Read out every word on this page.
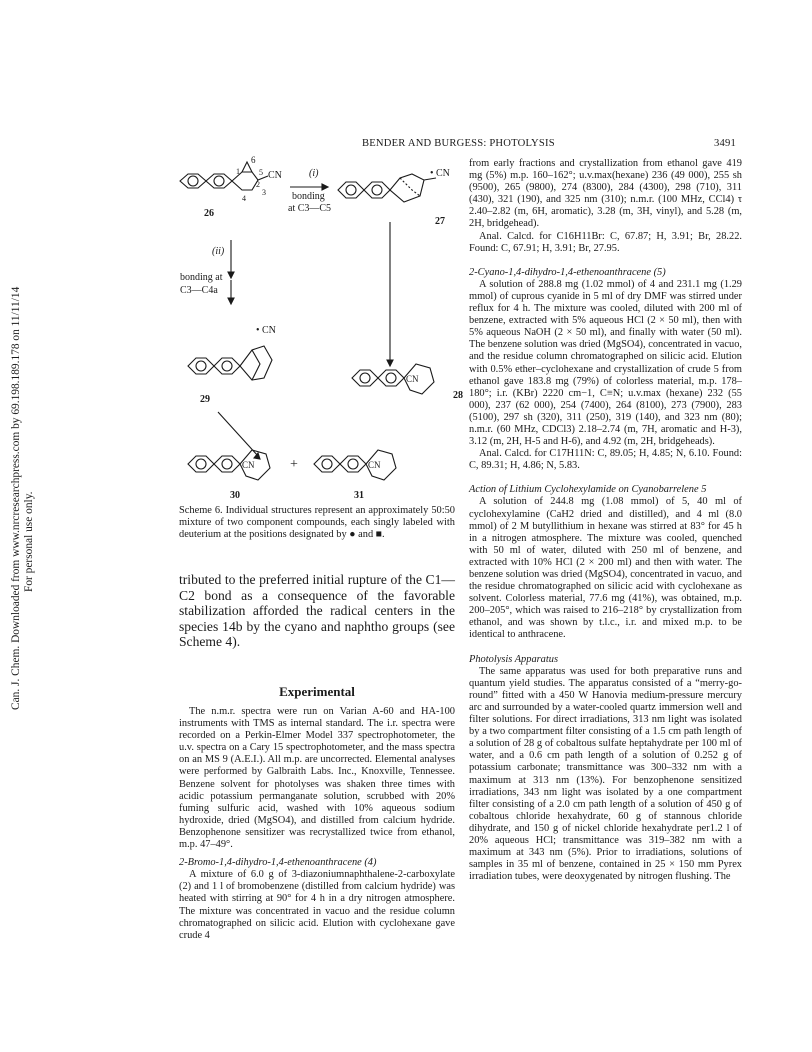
Can. J. Chem. Downloaded from www.nrcresearchpress.com by 69.198.189.178 on 11/11/14 For personal use only.
BENDER AND BURGESS: PHOTOLYSIS	3491
6
5
1
2
3
4
CN
26
(i)
bonding
at C3—C5
• CN
27
(ii)
bonding at
C3—C4a
• CN
29
CN
28
CN
30
+	CN
31

Scheme 6. Individual structures represent an approximately 50:50 mixture of two component compounds, each singly labeled with deuterium at the positions designated by ● and ■.

tributed to the preferred initial rupture of the C1—C2 bond as a consequence of the favorable stabilization afforded the radical centers in the species 14b by the cyano and naphtho groups (see Scheme 4).

Experimental

The n.m.r. spectra were run on Varian A-60 and HA-100 instruments with TMS as internal standard. The i.r. spectra were recorded on a Perkin-Elmer Model 337 spectrophotometer, the u.v. spectra on a Cary 15 spectrophotometer, and the mass spectra on an MS 9 (A.E.I.). All m.p. are uncorrected. Elemental analyses were performed by Galbraith Labs. Inc., Knoxville, Tennessee. Benzene solvent for photolyses was shaken three times with acidic potassium permanganate solution, scrubbed with 20% fuming sulfuric acid, washed with 10% aqueous sodium hydroxide, dried (MgSO4), and distilled from calcium hydride. Benzophenone sensitizer was recrystallized twice from ethanol, m.p. 47–49°.

2-Bromo-1,4-dihydro-1,4-ethenoanthracene (4)

A mixture of 6.0 g of 3-diazoniumnaphthalene-2-carboxylate (2) and 1 l of bromobenzene (distilled from calcium hydride) was heated with stirring at 90° for 4 h in a dry nitrogen atmosphere. The mixture was concentrated in vacuo and the residue column chromatographed on silicic acid. Elution with cyclohexane gave crude 4

from early fractions and crystallization from ethanol gave 419 mg (5%) m.p. 160–162°; u.v.max(hexane) 236 (49 000), 255 sh (9500), 265 (9800), 274 (8300), 284 (4300), 298 (710), 311 (430), 321 (190), and 325 nm (310); n.m.r. (100 MHz, CCl4) τ 2.40–2.82 (m, 6H, aromatic), 3.28 (m, 3H, vinyl), and 5.28 (m, 2H, bridgehead).

Anal. Calcd. for C16H11Br: C, 67.87; H, 3.91; Br, 28.22. Found: C, 67.91; H, 3.91; Br, 27.95.

2-Cyano-1,4-dihydro-1,4-ethenoanthracene (5)

A solution of 288.8 mg (1.02 mmol) of 4 and 231.1 mg (1.29 mmol) of cuprous cyanide in 5 ml of dry DMF was stirred under reflux for 4 h. The mixture was cooled, diluted with 200 ml of benzene, extracted with 5% aqueous HCl (2 × 50 ml), then with 5% aqueous NaOH (2 × 50 ml), and finally with water (50 ml). The benzene solution was dried (MgSO4), concentrated in vacuo, and the residue column chromatographed on silicic acid. Elution with 0.5% ether–cyclohexane and crystallization of crude 5 from ethanol gave 183.8 mg (79%) of colorless material, m.p. 178–180°; i.r. (KBr) 2220 cm−1, C≡N; u.v.max (hexane) 232 (55 000), 237 (62 000), 254 (7400), 264 (8100), 273 (7900), 283 (5100), 297 sh (320), 311 (250), 319 (140), and 323 nm (80); n.m.r. (60 MHz, CDCl3) 2.18–2.74 (m, 7H, aromatic and H-3), 3.12 (m, 2H, H-5 and H-6), and 4.92 (m, 2H, bridgeheads).

Anal. Calcd. for C17H11N: C, 89.05; H, 4.85; N, 6.10. Found: C, 89.31; H, 4.86; N, 5.83.

Action of Lithium Cyclohexylamide on Cyanobarrelene 5

A solution of 244.8 mg (1.08 mmol) of 5, 40 ml of cyclohexylamine (CaH2 dried and distilled), and 4 ml (8.0 mmol) of 2 M butyllithium in hexane was stirred at 83° for 45 h in a nitrogen atmosphere. The mixture was cooled, quenched with 50 ml of water, diluted with 250 ml of benzene, and extracted with 10% HCl (2 × 200 ml) and then with water. The benzene solution was dried (MgSO4), concentrated in vacuo, and the residue chromatographed on silicic acid with cyclohexane as solvent. Colorless material, 77.6 mg (41%), was obtained, m.p. 200–205°, which was raised to 216–218° by crystallization from ethanol, and was shown by t.l.c., i.r. and mixed m.p. to be identical to anthracene.

Photolysis Apparatus

The same apparatus was used for both preparative runs and quantum yield studies. The apparatus consisted of a “merry-go-round” fitted with a 450 W Hanovia medium-pressure mercury arc and surrounded by a water-cooled quartz immersion well and filter solutions. For direct irradiations, 313 nm light was isolated by a two compartment filter consisting of a 1.5 cm path length of a solution of 28 g of cobaltous sulfate heptahydrate per 100 ml of water, and a 0.6 cm path length of a solution of 0.252 g of potassium carbonate; transmittance was 300–332 nm with a maximum at 313 nm (13%). For benzophenone sensitized irradiations, 343 nm light was isolated by a one compartment filter consisting of a 2.0 cm path length of a solution of 450 g of cobaltous chloride hexahydrate, 60 g of stannous chloride dihydrate, and 150 g of nickel chloride hexahydrate per1.2 l of 20% aqueous HCl; transmittance was 319–382 nm with a maximum at 343 nm (5%). Prior to irradiations, solutions of samples in 35 ml of benzene, contained in 25 × 150 mm Pyrex irradiation tubes, were deoxygenated by nitrogen flushing. The
